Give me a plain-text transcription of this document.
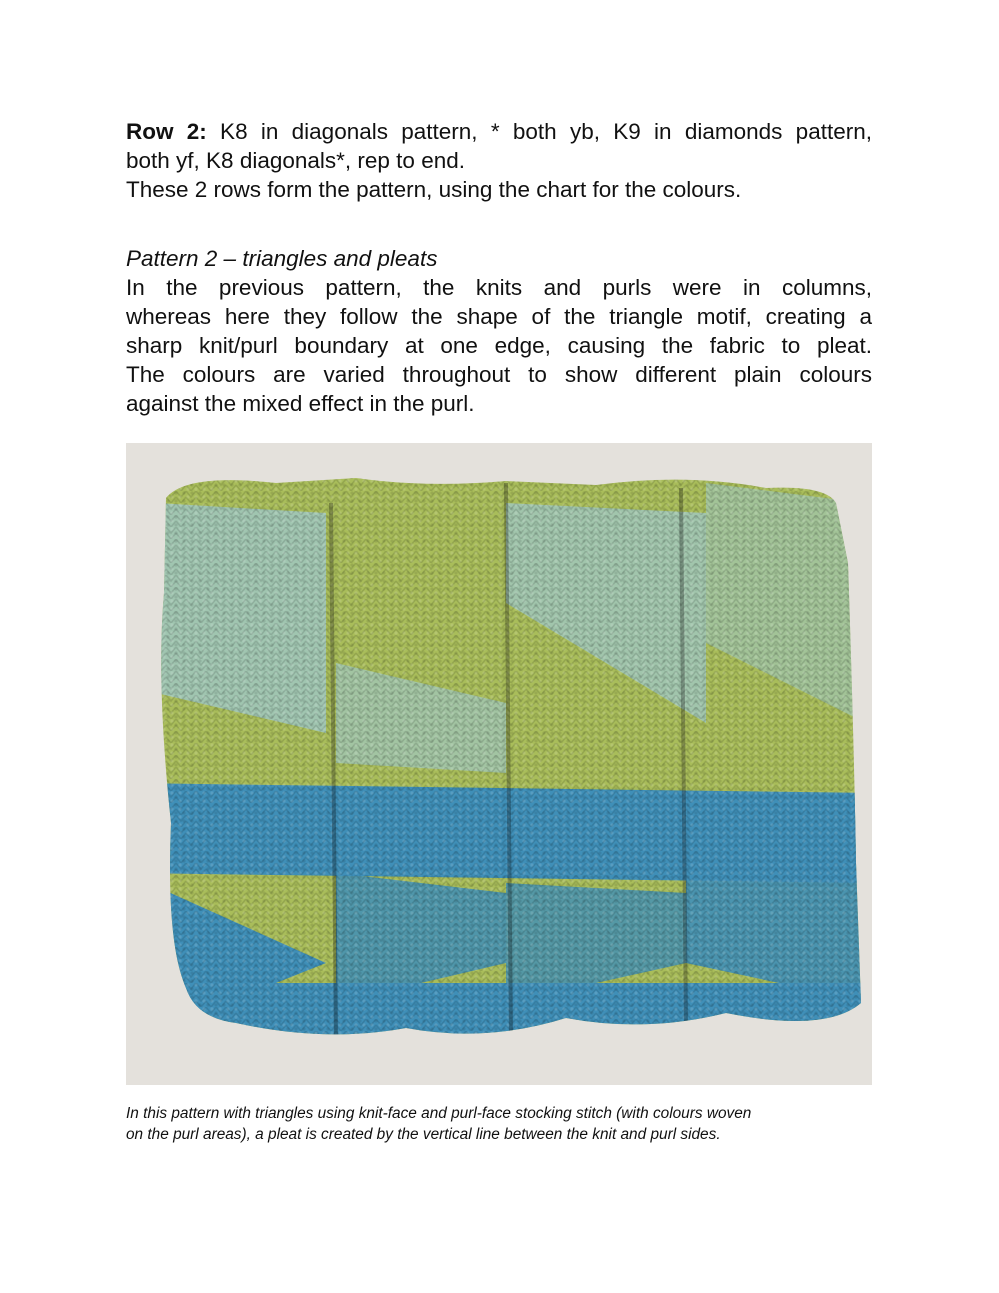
Row 2: K8 in diagonals pattern, * both yb, K9 in diamonds pattern,
both yf, K8 diagonals*, rep to end.
These 2 rows form the pattern, using the chart for the colours.
Pattern 2 – triangles and pleats
In the previous pattern, the knits and purls were in columns,
whereas here they follow the shape of the triangle motif, creating a
sharp knit/purl boundary at one edge, causing the fabric to pleat.
The colours are varied throughout to show different plain colours
against the mixed effect in the purl.
In this pattern with triangles using knit-face and purl-face stocking stitch (with colours woven
on the purl areas), a pleat is created by the vertical line between the knit and purl sides.
